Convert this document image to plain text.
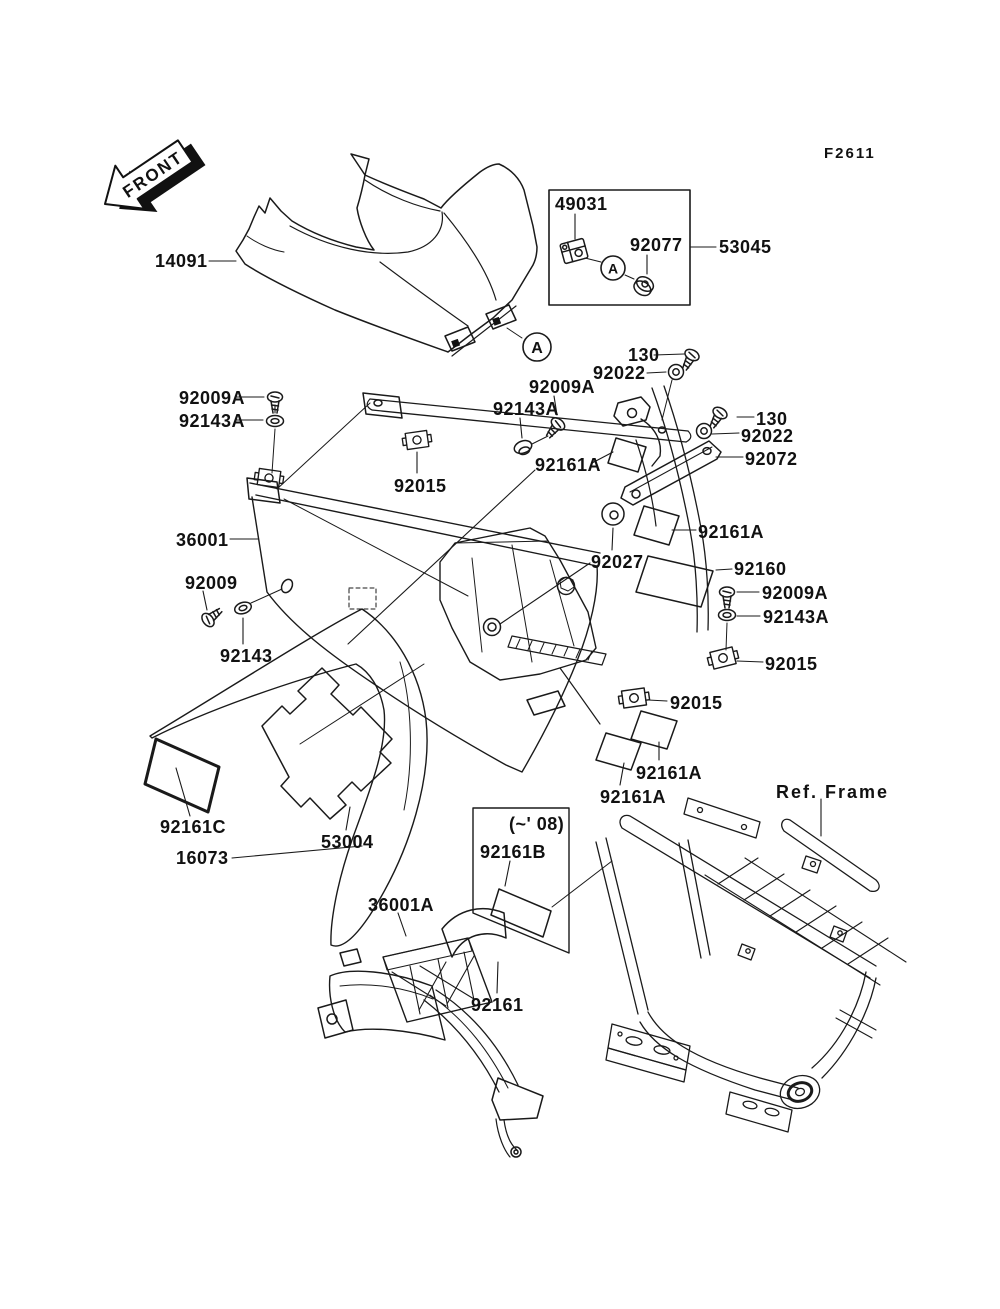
FRONT
A
A
F2611
14091
49031
92077 53045
130
92022
92009A
92143A
92009A
92143A
92015
36001
92009
92143
92161A
130
92022
92072
92027
92161A
92160
92009A
92143A
92015
92015
92161A
92161A	Ref. Frame
92161C
16073
53004
(~' 08)
92161B
36001A
92161
